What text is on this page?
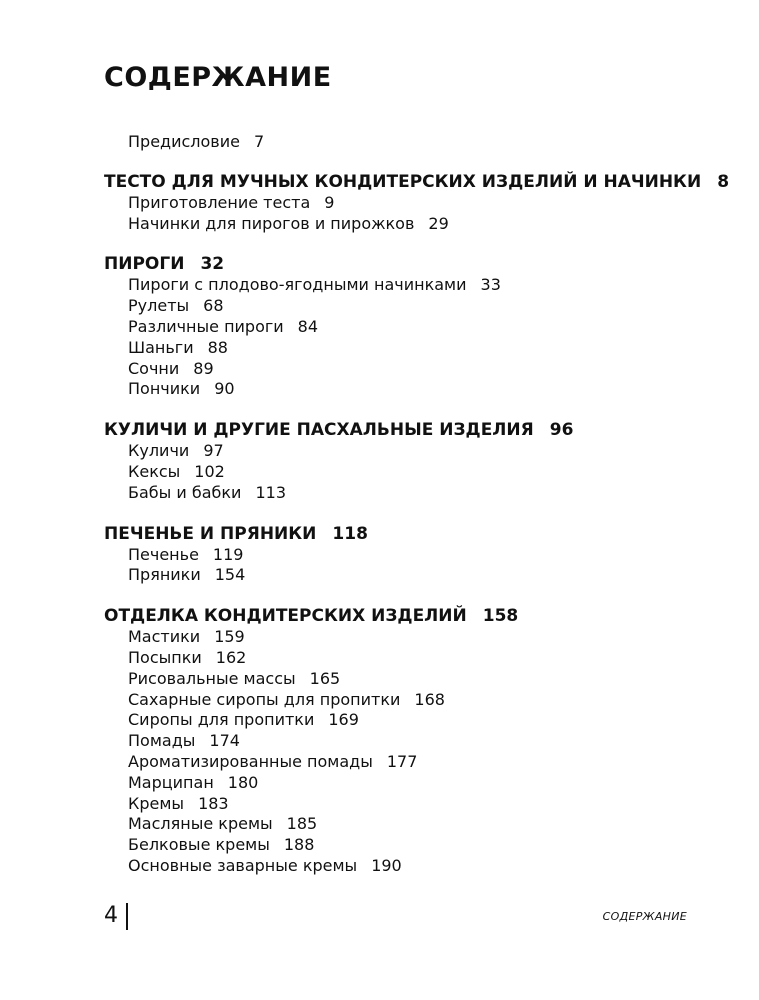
СОДЕРЖАНИЕ
Предисловие 7
ТЕСТО ДЛЯ МУЧНЫХ КОНДИТЕРСКИХ ИЗДЕЛИЙ И НАЧИНКИ 8
Приготовление теста 9
Начинки для пирогов и пирожков 29
ПИРОГИ 32
Пироги с плодово-ягодными начинками 33
Рулеты 68
Различные пироги 84
Шаньги 88
Сочни 89
Пончики 90
КУЛИЧИ И ДРУГИЕ ПАСХАЛЬНЫЕ ИЗДЕЛИЯ 96
Куличи 97
Кексы 102
Бабы и бабки 113
ПЕЧЕНЬЕ И ПРЯНИКИ 118
Печенье 119
Пряники 154
ОТДЕЛКА КОНДИТЕРСКИХ ИЗДЕЛИЙ 158
Мастики 159
Посыпки 162
Рисовальные массы 165
Сахарные сиропы для пропитки 168
Сиропы для пропитки 169
Помады 174
Ароматизированные помады 177
Марципан 180
Кремы 183
Масляные кремы 185
Белковые кремы 188
Основные заварные кремы 190
4	СОДЕРЖАНИЕ
